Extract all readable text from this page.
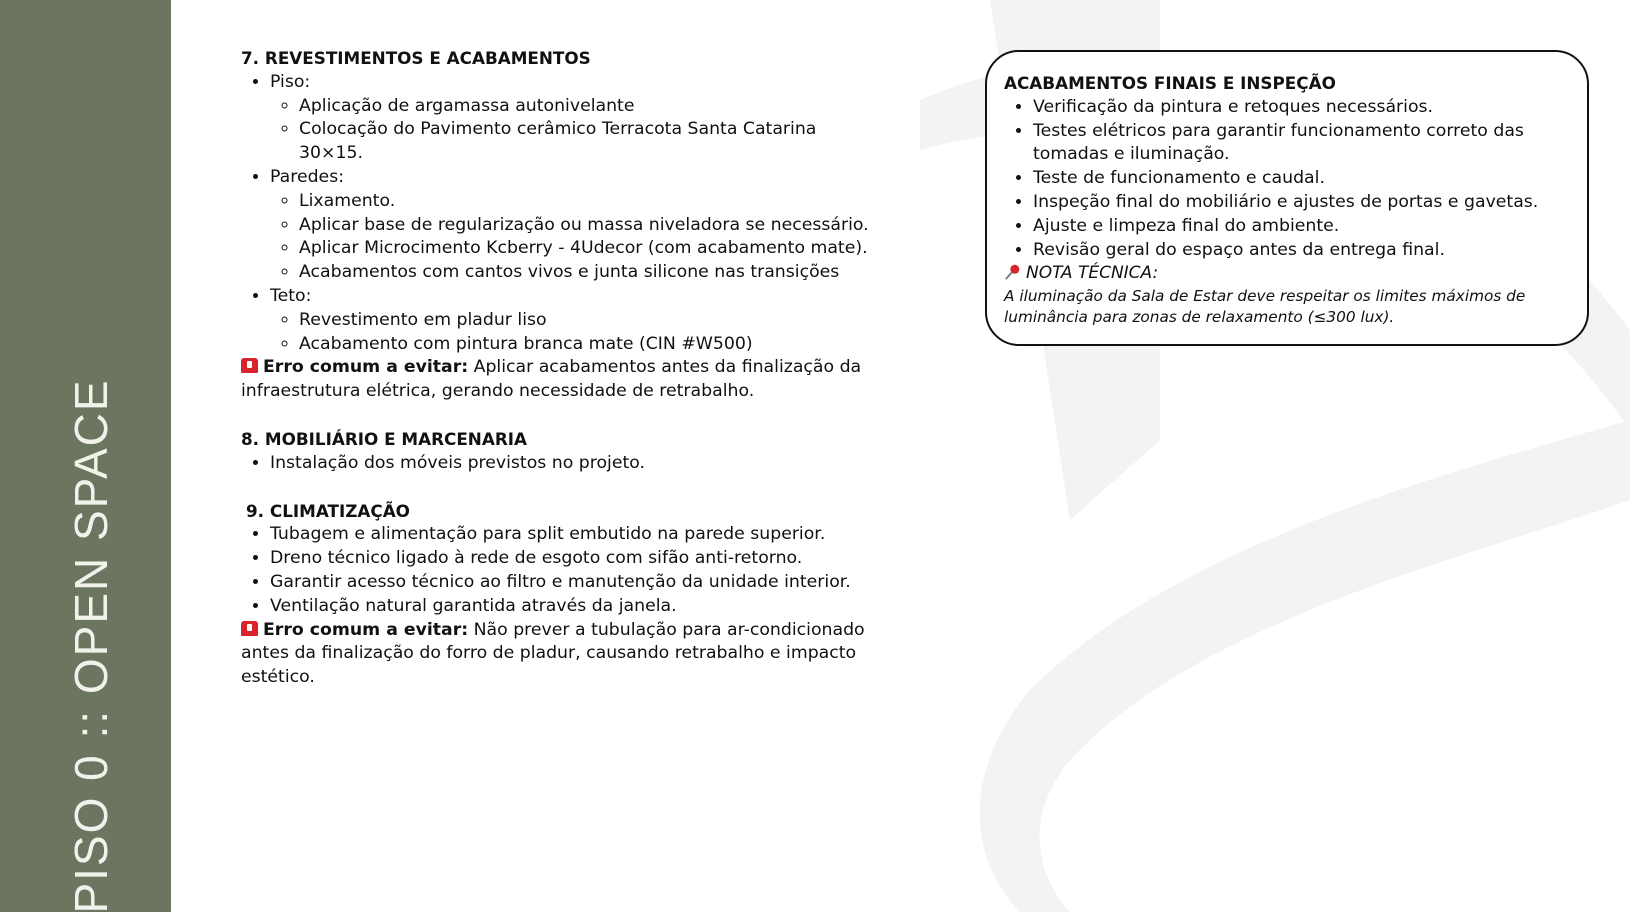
PISO 0 :: OPEN SPACE
7. REVESTIMENTOS E ACABAMENTOS
• Piso:
◦ Aplicação de argamassa autonivelante
◦ Colocação do Pavimento cerâmico Terracota Santa Catarina 30×15.
• Paredes:
◦ Lixamento.
◦ Aplicar base de regularização ou massa niveladora se necessário.
◦ Aplicar Microcimento Kcberry - 4Udecor (com acabamento mate).
◦ Acabamentos com cantos vivos e junta silicone nas transições
• Teto:
◦ Revestimento em pladur liso
◦ Acabamento com pintura branca mate (CIN #W500)
Erro comum a evitar: Aplicar acabamentos antes da finalização da infraestrutura elétrica, gerando necessidade de retrabalho.
8. MOBILIÁRIO E MARCENARIA
• Instalação dos móveis previstos no projeto.
9. CLIMATIZAÇÃO
• Tubagem e alimentação para split embutido na parede superior.
• Dreno técnico ligado à rede de esgoto com sifão anti-retorno.
• Garantir acesso técnico ao filtro e manutenção da unidade interior.
• Ventilação natural garantida através da janela.
Erro comum a evitar: Não prever a tubulação para ar-condicionado antes da finalização do forro de pladur, causando retrabalho e impacto estético.
ACABAMENTOS FINAIS E INSPEÇÃO
• Verificação da pintura e retoques necessários.
• Testes elétricos para garantir funcionamento correto das tomadas e iluminação.
• Teste de funcionamento e caudal.
• Inspeção final do mobiliário e ajustes de portas e gavetas.
• Ajuste e limpeza final do ambiente.
• Revisão geral do espaço antes da entrega final.
NOTA TÉCNICA:
A iluminação da Sala de Estar deve respeitar os limites máximos de luminância para zonas de relaxamento (≤300 lux).
